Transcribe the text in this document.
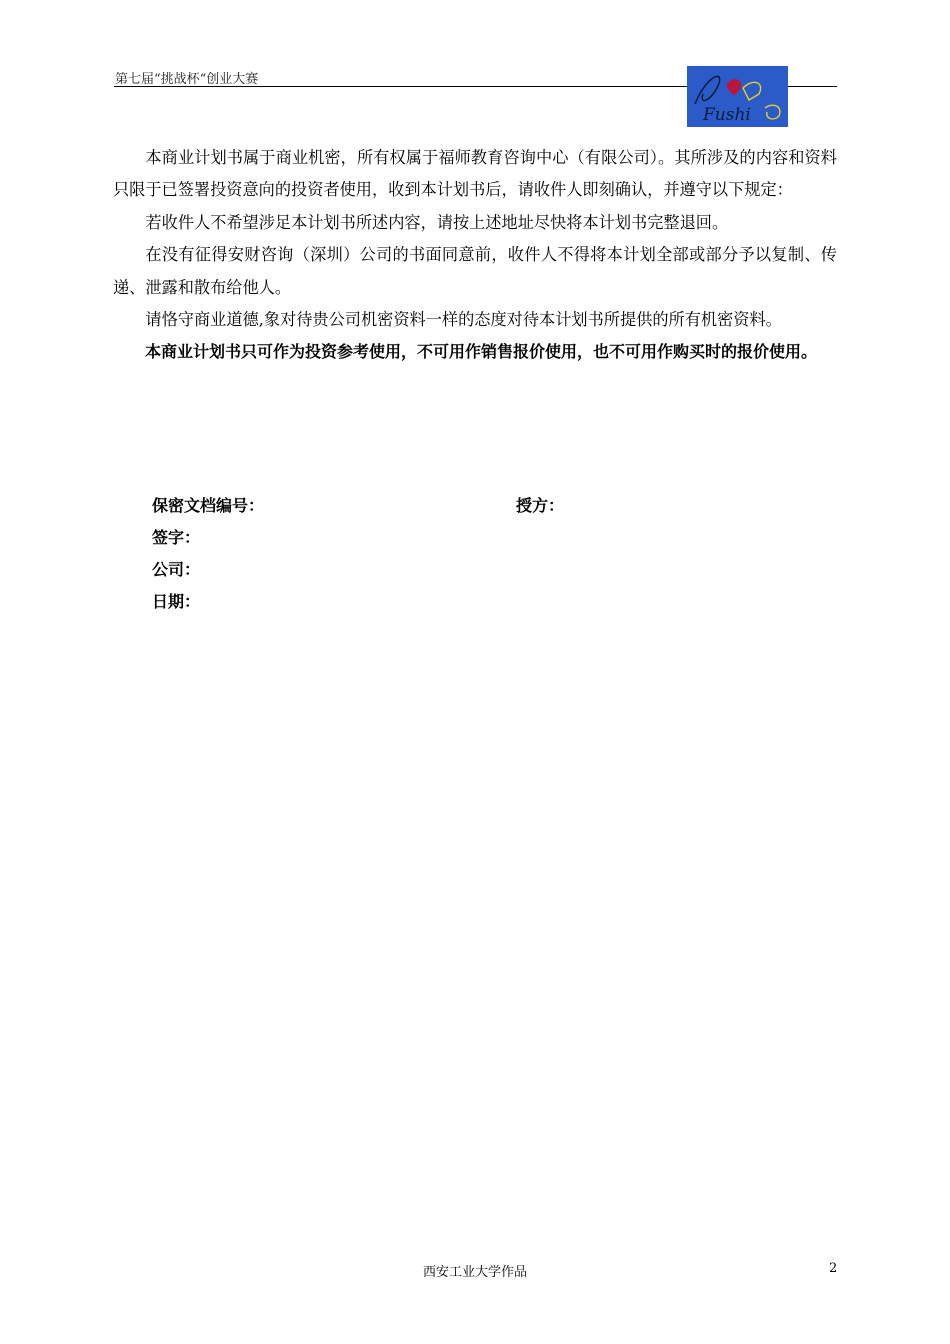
第七届“挑战杯“创业大赛
Fushi

本商业计划书属于商业机密，所有权属于福师教育咨询中心（有限公司）。其所涉及的内容和资料只限于已签署投资意向的投资者使用，收到本计划书后，请收件人即刻确认，并遵守以下规定：

若收件人不希望涉足本计划书所述内容，请按上述地址尽快将本计划书完整退回。

在没有征得安财咨询（深圳）公司的书面同意前，收件人不得将本计划全部或部分予以复制、传递、泄露和散布给他人。

请恪守商业道德,象对待贵公司机密资料一样的态度对待本计划书所提供的所有机密资料。

本商业计划书只可作为投资参考使用，不可用作销售报价使用，也不可用作购买时的报价使用。

保密文档编号：	授方：
签字：
公司：
日期：
西安工业大学作品	2
